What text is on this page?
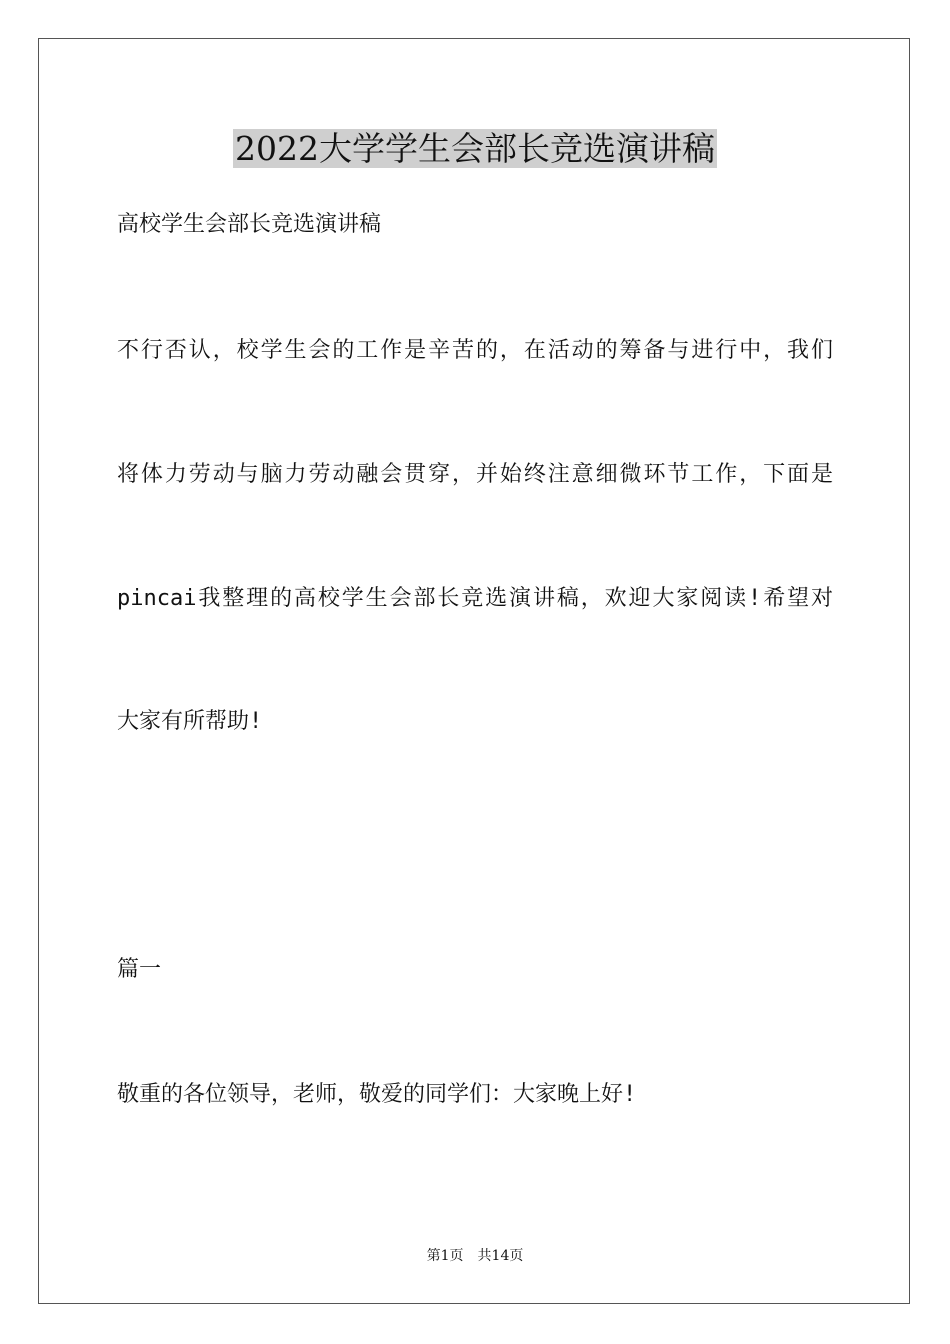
2022大学学生会部长竞选演讲稿
高校学生会部长竞选演讲稿
不行否认，校学生会的工作是辛苦的，在活动的筹备与进行中，我们
将体力劳动与脑力劳动融会贯穿，并始终注意细微环节工作，下面是
pincai我整理的高校学生会部长竞选演讲稿，欢迎大家阅读!希望对
大家有所帮助!
篇一
敬重的各位领导，老师，敬爱的同学们：大家晚上好!
第1页 共14页
